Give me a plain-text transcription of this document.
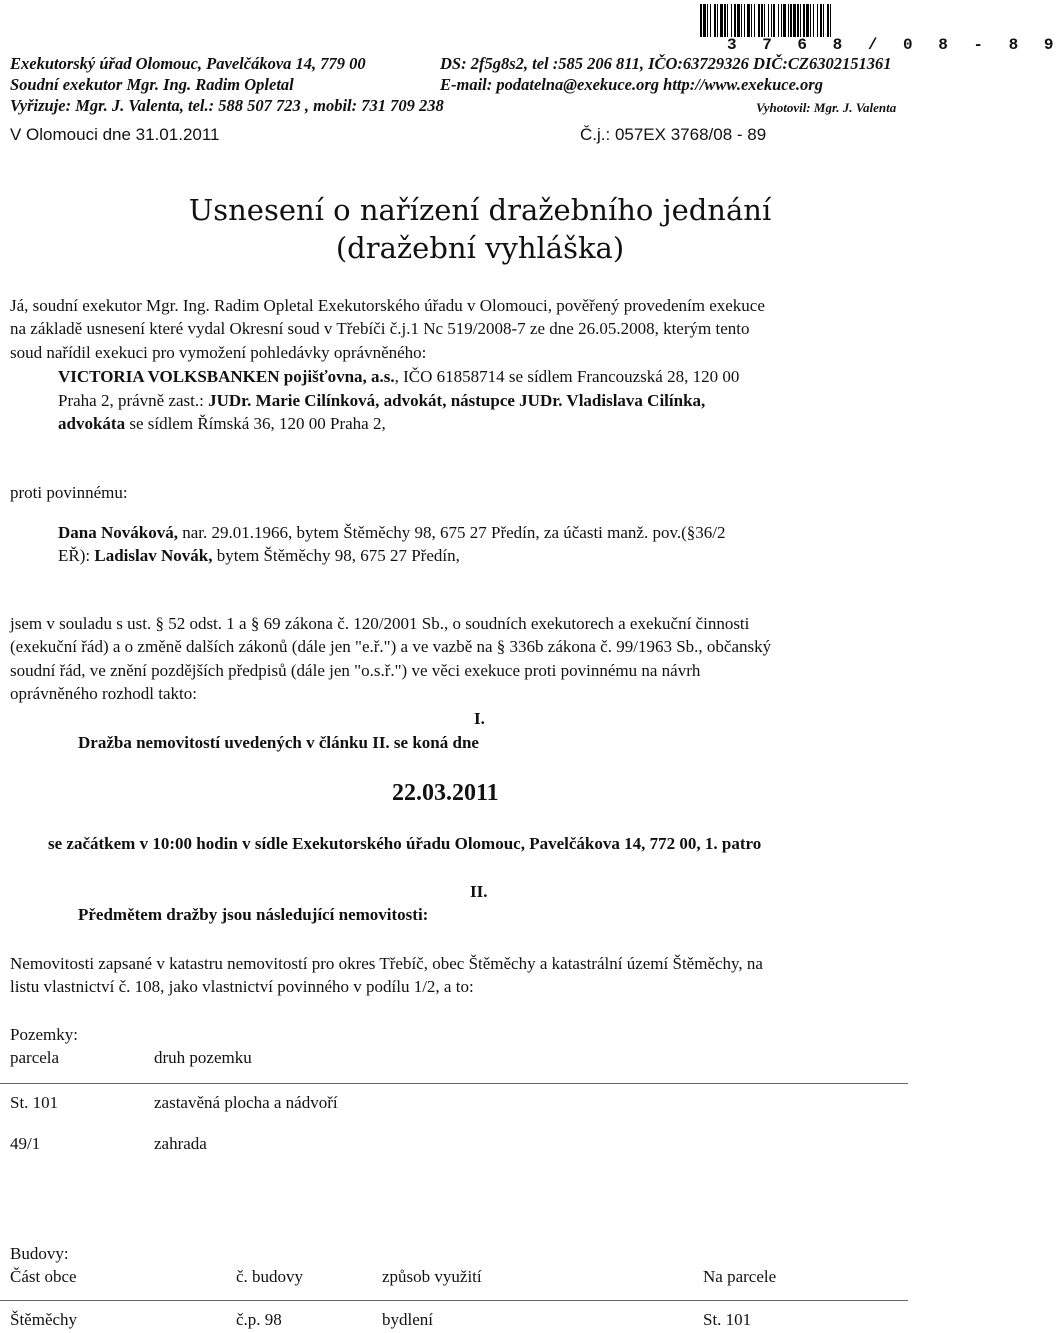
3 7 6 8 / 0 8 - 8 9
Exekutorský úřad Olomouc, Pavelčákova 14, 779 00	DS: 2f5g8s2, tel :585 206 811, IČO:63729326 DIČ:CZ6302151361
Soudní exekutor Mgr. Ing. Radim Opletal	E-mail: podatelna@exekuce.org http://www.exekuce.org
Vyřizuje: Mgr. J. Valenta, tel.: 588 507 723 , mobil: 731 709 238	Vyhotovil: Mgr. J. Valenta
V Olomouci dne 31.01.2011	Č.j.: 057EX 3768/08 - 89
Usnesení o nařízení dražebního jednání
(dražební vyhláška)
Já, soudní exekutor Mgr. Ing. Radim Opletal Exekutorského úřadu v Olomouci, pověřený provedením exekuce
na základě usnesení které vydal Okresní soud v Třebíči č.j.1 Nc 519/2008-7 ze dne 26.05.2008, kterým tento
soud nařídil exekuci pro vymožení pohledávky oprávněného:
VICTORIA VOLKSBANKEN pojišťovna, a.s., IČO 61858714 se sídlem Francouzská 28, 120 00
Praha 2, právně zast.: JUDr. Marie Cilínková, advokát, nástupce JUDr. Vladislava Cilínka,
advokáta se sídlem Římská 36, 120 00 Praha 2,
proti povinnému:
Dana Nováková, nar. 29.01.1966, bytem Štěměchy 98, 675 27 Předín, za účasti manž. pov.(§36/2
EŘ): Ladislav Novák, bytem Štěměchy 98, 675 27 Předín,
jsem v souladu s ust. § 52 odst. 1 a § 69 zákona č. 120/2001 Sb., o soudních exekutorech a exekuční činnosti
(exekuční řád) a o změně dalších zákonů (dále jen "e.ř.") a ve vazbě na § 336b zákona č. 99/1963 Sb., občanský
soudní řád, ve znění pozdějších předpisů (dále jen "o.s.ř.") ve věci exekuce proti povinnému na návrh
oprávněného rozhodl takto:
I.
Dražba nemovitostí uvedených v článku II. se koná dne
22.03.2011
se začátkem v 10:00 hodin v sídle Exekutorského úřadu Olomouc, Pavelčákova 14, 772 00, 1. patro
II.
Předmětem dražby jsou následující nemovitosti:
Nemovitosti zapsané v katastru nemovitostí pro okres Třebíč, obec Štěměchy a katastrální území Štěměchy, na
listu vlastnictví č. 108, jako vlastnictví povinného v podílu 1/2, a to:
Pozemky:
parcela	druh pozemku
St. 101	zastavěná plocha a nádvoří
49/1	zahrada
Budovy:
Část obce	č. budovy	způsob využití	Na parcele
Štěměchy	č.p. 98	bydlení	St. 101
